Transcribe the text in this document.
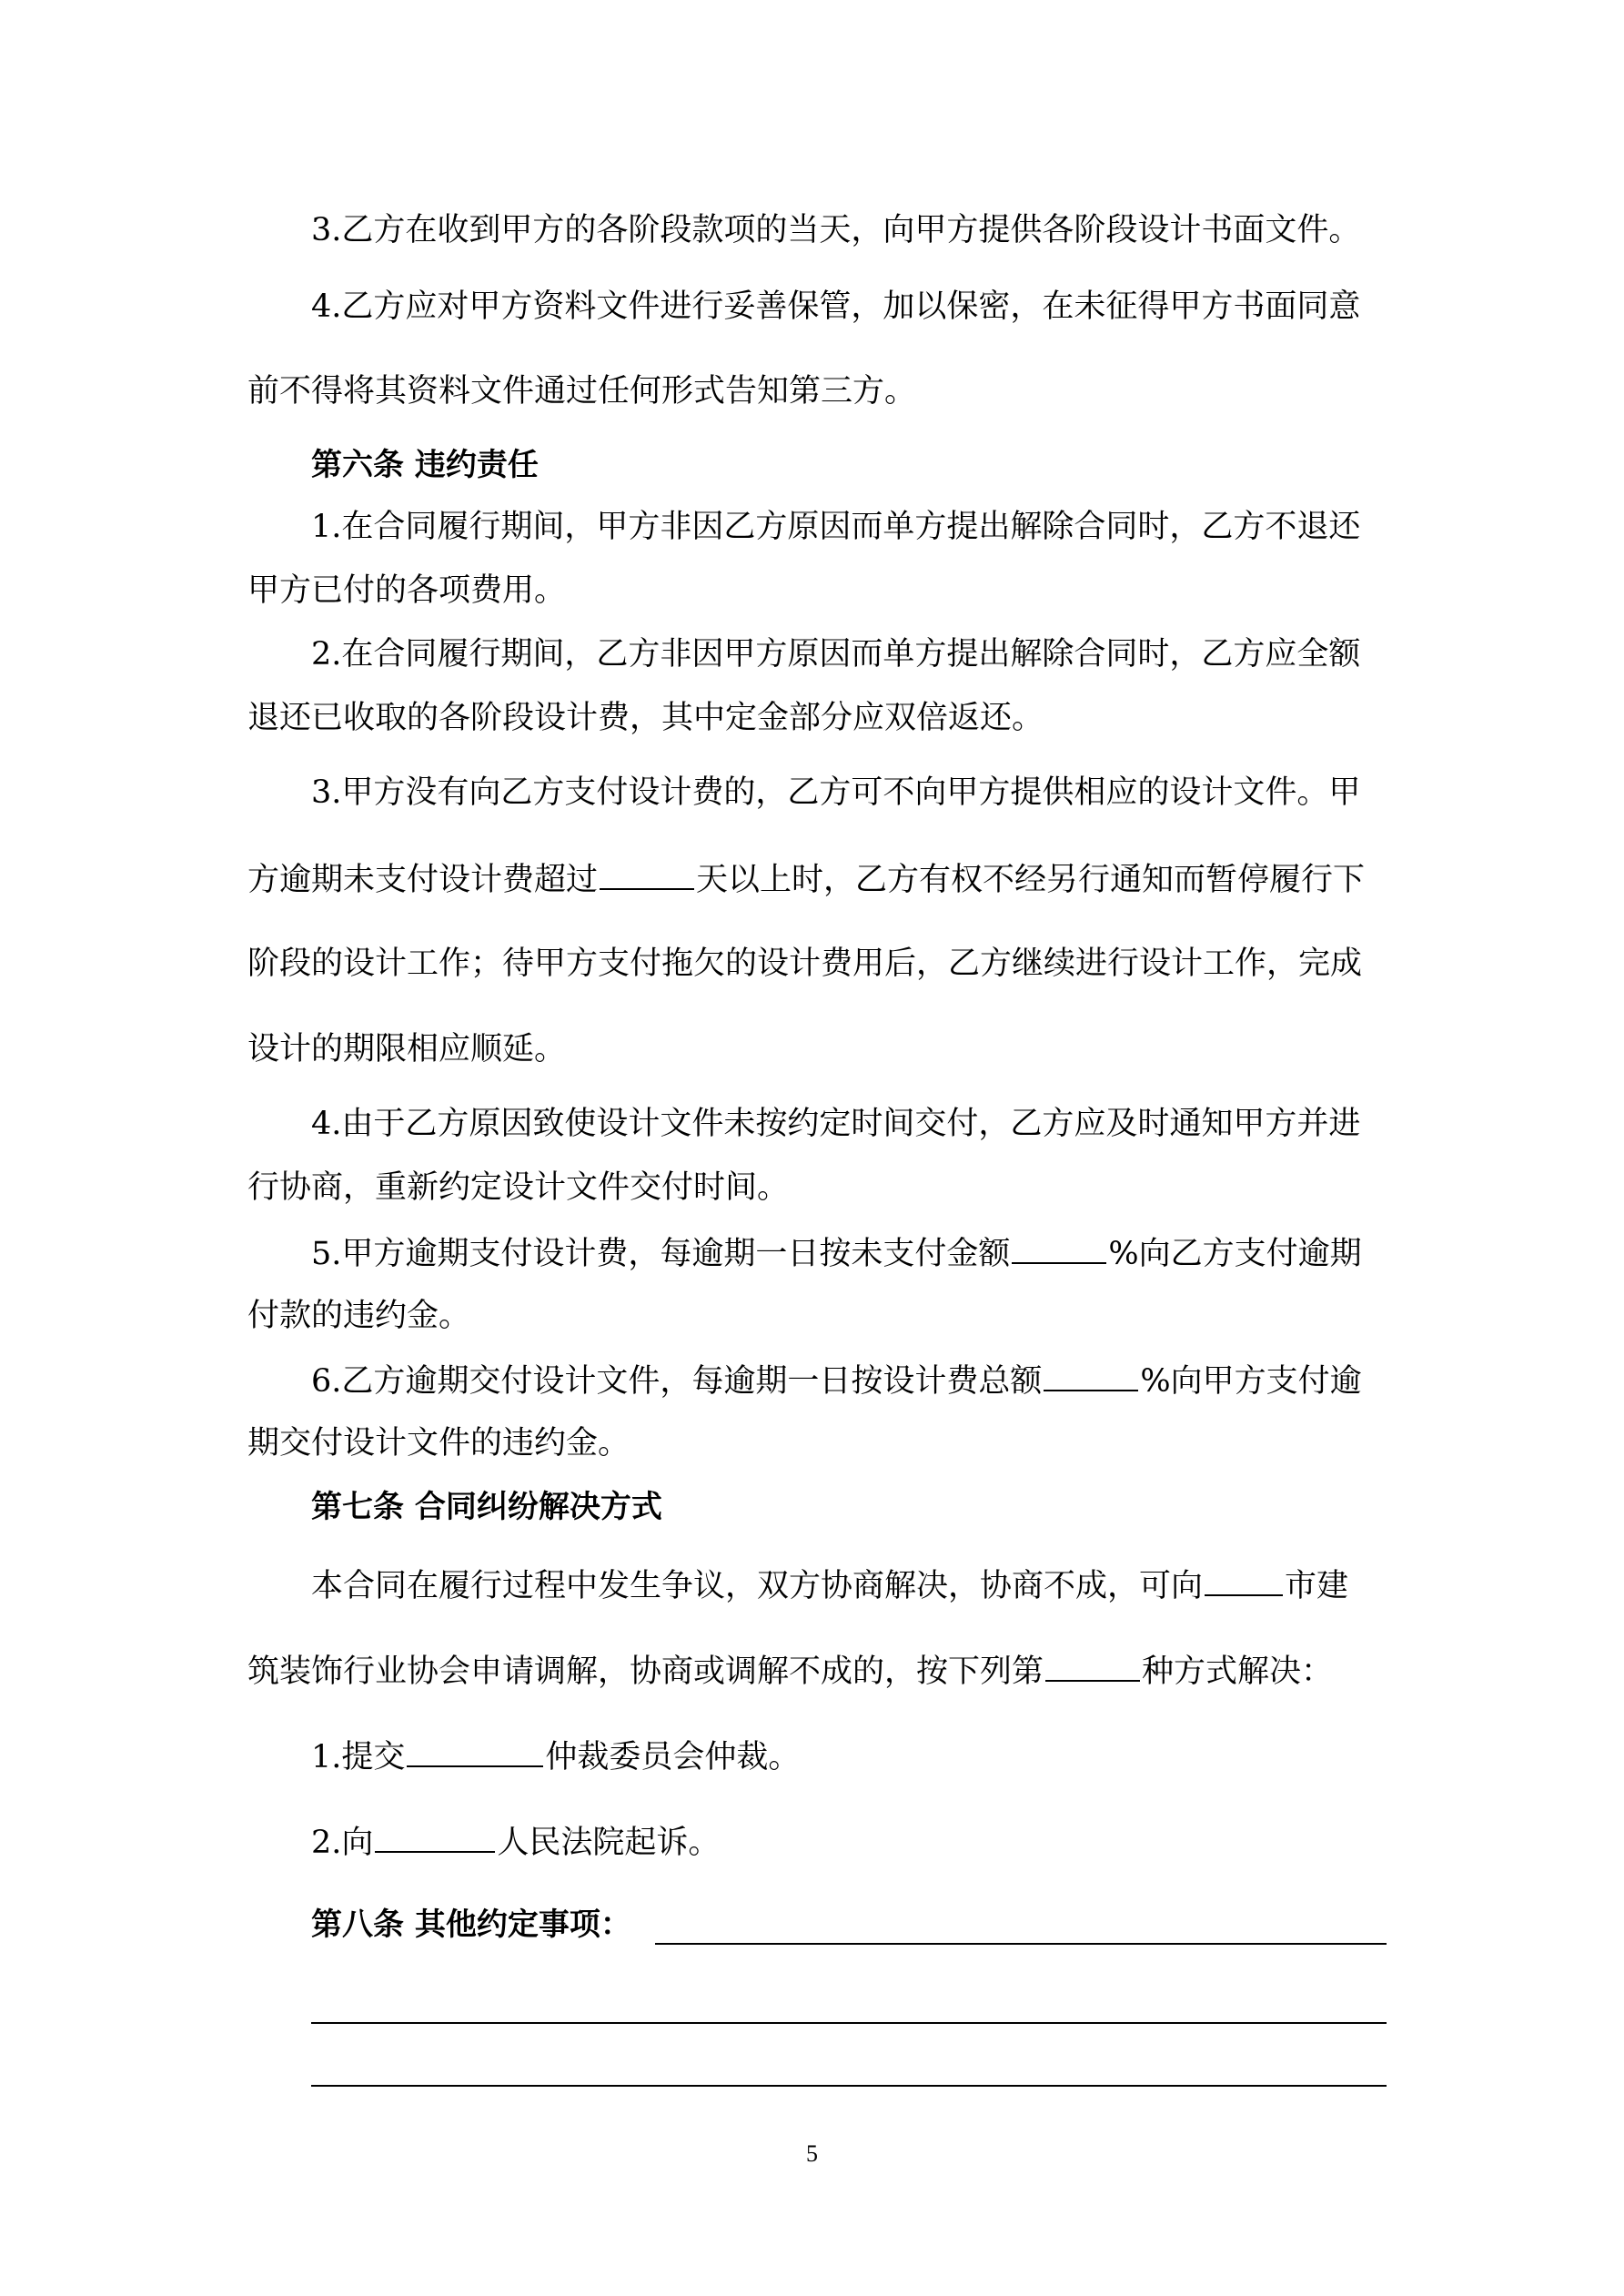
3.乙方在收到甲方的各阶段款项的当天，向甲方提供各阶段设计书面文件。

4.乙方应对甲方资料文件进行妥善保管，加以保密，在未征得甲方书面同意

前不得将其资料文件通过任何形式告知第三方。

第六条 违约责任

1.在合同履行期间，甲方非因乙方原因而单方提出解除合同时，乙方不退还

甲方已付的各项费用。

2.在合同履行期间，乙方非因甲方原因而单方提出解除合同时，乙方应全额

退还已收取的各阶段设计费，其中定金部分应双倍返还。

3.甲方没有向乙方支付设计费的，乙方可不向甲方提供相应的设计文件。甲

方逾期未支付设计费超过	天以上时，乙方有权不经另行通知而暂停履行下

阶段的设计工作；待甲方支付拖欠的设计费用后，乙方继续进行设计工作，完成

设计的期限相应顺延。

4.由于乙方原因致使设计文件未按约定时间交付，乙方应及时通知甲方并进

行协商，重新约定设计文件交付时间。

5.甲方逾期支付设计费，每逾期一日按未支付金额	%向乙方支付逾期

付款的违约金。

6.乙方逾期交付设计文件，每逾期一日按设计费总额	%向甲方支付逾

期交付设计文件的违约金。

第七条 合同纠纷解决方式

本合同在履行过程中发生争议，双方协商解决，协商不成，可向	市建

筑装饰行业协会申请调解，协商或调解不成的，按下列第	种方式解决：

1.提交	仲裁委员会仲裁。

2.向	人民法院起诉。

第八条 其他约定事项：

5
